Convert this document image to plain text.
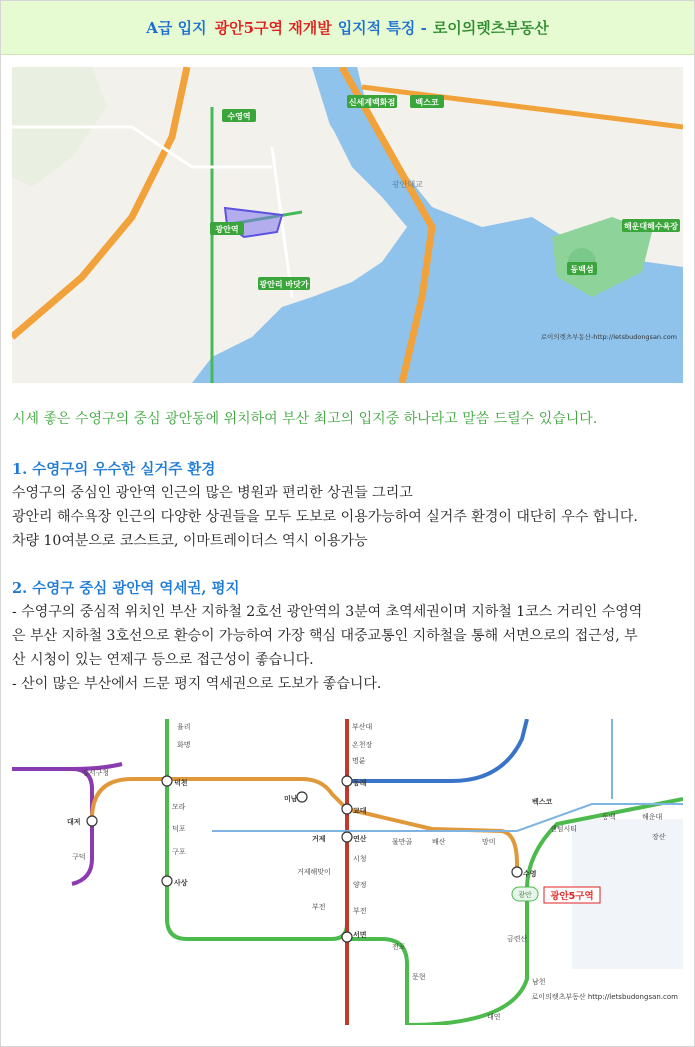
A급 입지 광안5구역 재개발 입지적 특징 - 로이의렛츠부동산
수영역
광안역
신세계백화점	벡스코
해운대해수욕장
동백섬
광안리 바닷가
광안대교
로이의렛츠부동산-http://letsbudongsan.com
시세 좋은 수영구의 중심 광안동에 위치하여 부산 최고의 입지중 하나라고 말씀 드릴수 있습니다.
1. 수영구의 우수한 실거주 환경
수영구의 중심인 광안역 인근의 많은 병원과 편리한 상권들 그리고
광안리 해수욕장 인근의 다양한 상권들을 모두 도보로 이용가능하여 실거주 환경이 대단히 우수 합니다.
차량 10여분으로 코스트코, 이마트레이더스 역시 이용가능
2. 수영구 중심 광안역 역세권, 평지
- 수영구의 중심적 위치인 부산 지하철 2호선 광안역의 3분여 초역세권이며 지하철 1코스 거리인 수영역
은 부산 지하철 3호선으로 환승이 가능하여 가장 핵심 대중교통인 지하철을 통해 서면으로의 접근성, 부
산 시청이 있는 연제구 등으로 접근성이 좋습니다.
- 산이 많은 부산에서 드문 평지 역세권으로 도보가 좋습니다.
덕천
사상
동래
교대
연산
서면
수영
대저
미남
거제
부전
벡스코
남천
금련산
대연
율리
화명
강서구청
부산대
온천장
명륜
물만골	배산	망미
센텀시티
동백	해운대
거제해맞이
양정
시청
부전
문현
전포
모라
덕포
구포
구덕
장산
광안 광안5구역
로이의렛츠부동산 http://letsbudongsan.com
